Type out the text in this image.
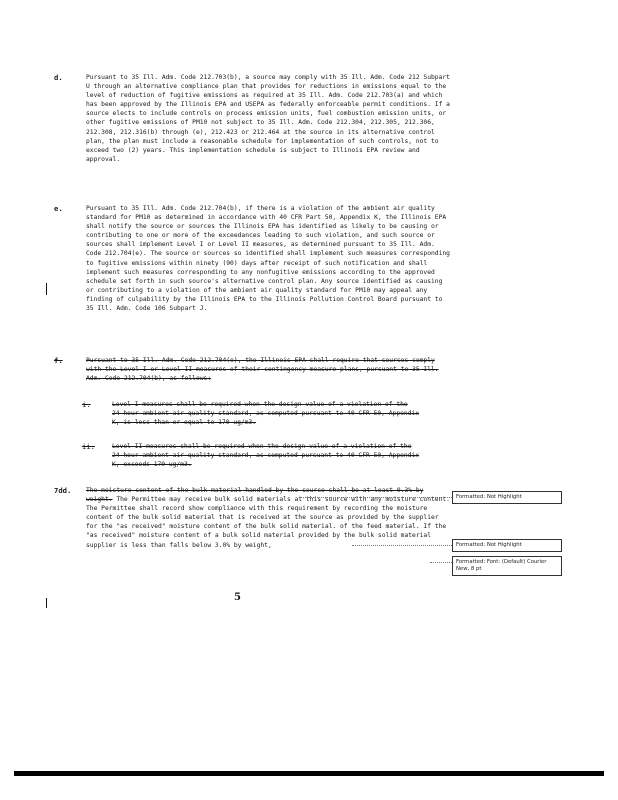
d.	Pursuant to 35 Ill. Adm. Code 212.703(b), a source may comply with 35 Ill. Adm. Code 212 Subpart U through an alternative compliance plan that provides for reductions in emissions equal to the level of reduction of fugitive emissions as required at 35 Ill. Adm. Code 212.703(a) and which has been approved by the Illinois EPA and USEPA as federally enforceable permit conditions. If a source elects to include controls on process emission units, fuel combustion emission units, or other fugitive emissions of PM10 not subject to 35 Ill. Adm. Code 212.304, 212.305, 212.306, 212.308, 212.316(b) through (e), 212.423 or 212.464 at the source in its alternative control plan, the plan must include a reasonable schedule for implementation of such controls, not to exceed two (2) years. This implementation schedule is subject to Illinois EPA review and approval.
e.	Pursuant to 35 Ill. Adm. Code 212.704(b), if there is a violation of the ambient air quality standard for PM10 as determined in accordance with 40 CFR Part 50, Appendix K, the Illinois EPA shall notify the source or sources the Illinois EPA has identified as likely to be causing or contributing to one or more of the exceedances leading to such violation, and such source or sources shall implement Level I or Level II measures, as determined pursuant to 35 Ill. Adm. Code 212.704(e). The source or sources so identified shall implement such measures corresponding to fugitive emissions within ninety (90) days after receipt of such notification and shall implement such measures corresponding to any nonfugitive emissions according to the approved schedule set forth in such source's alternative control plan. Any source identified as causing or contributing to a violation of the ambient air quality standard for PM10 may appeal any finding of culpability by the Illinois EPA to the Illinois Pollution Control Board pursuant to 35 Ill. Adm. Code 106 Subpart J.
f.	Pursuant to 35 Ill. Adm. Code 212.704(e), the Illinois EPA shall require that sources comply with the Level I or Level II measures of their contingency measure plans, pursuant to 35 Ill. Adm. Code 212.704(b), as follows:
i.	Level I measures shall be required when the design value of a violation of the 24-hour ambient air quality standard, as computed pursuant to 40 CFR 50, Appendix K, is less than or equal to 170 ug/m3.
ii.	Level II measures shall be required when the design value of a violation of the 24-hour ambient air quality standard, as computed pursuant to 40 CFR 50, Appendix K, exceeds 170 ug/m3.
7dd. The moisture content of the bulk material handled by the source shall be at least 0.3% by weight. The Permittee may receive bulk solid materials at this source with any moisture content. The Permittee shall record show compliance with this requirement by recording the moisture content of the bulk solid material that is received at the source as provided by the supplier for the "as received" moisture content of the bulk solid material. of the feed material. If the "as received" moisture content of a bulk solid material provided by the bulk solid material supplier is less than falls below 3.0% by weight,
Formatted: Not Highlight
Formatted: Not Highlight
Formatted: Font: (Default) Courier New, 8 pt
5
